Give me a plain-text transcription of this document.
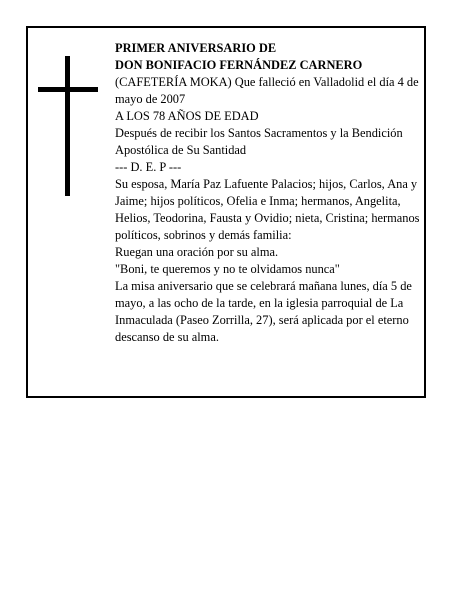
PRIMER ANIVERSARIO DE
DON BONIFACIO FERNÁNDEZ CARNERO
(CAFETERÍA MOKA) Que falleció en Valladolid el día 4 de mayo de 2007
A LOS 78 AÑOS DE EDAD
Después de recibir los Santos Sacramentos y la Bendición Apostólica de Su Santidad
--- D. E. P ---
Su esposa, María Paz Lafuente Palacios; hijos, Carlos, Ana y Jaime; hijos políticos, Ofelia e Inma; hermanos, Angelita, Helios, Teodorina, Fausta y Ovidio; nieta, Cristina; hermanos políticos, sobrinos y demás familia:
Ruegan una oración por su alma.
"Boni, te queremos y no te olvidamos nunca"
La misa aniversario que se celebrará mañana lunes, día 5 de mayo, a las ocho de la tarde, en la iglesia parroquial de La Inmaculada (Paseo Zorrilla, 27), será aplicada por el eterno descanso de su alma.
